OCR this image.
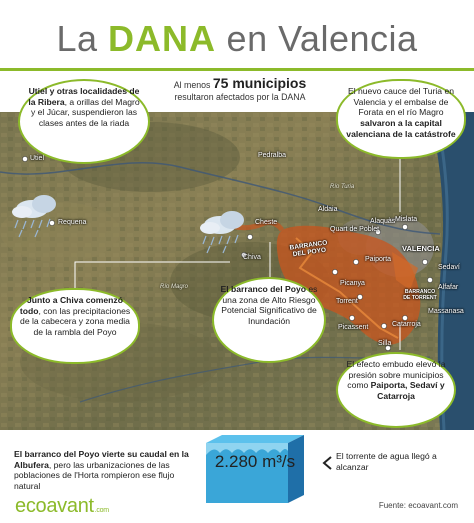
La DANA en Valencia
Al menos 75 municipios
resultaron afectados por la DANA
Pedralba
Utiel
Requena	Cheste
Chiva
Aldaia
Alaquàs
Quart de Poblet
Mislata
Paiporta
VALENCIA
Picanya
Sedaví
Alfafar
Torrent
Massanasa
Catarroja
Picassent
Silla
BARRANCO DEL POYO
BARRANCO DE TORRENT
Río Magro
Río Turia
Utiel y otras localidades de la Ribera, a orillas del Magro y el Júcar, suspendieron las clases antes de la riada
El nuevo cauce del Turia en Valencia y el embalse de Forata en el río Magro salvaron a la capital valenciana de la catástrofe
Junto a Chiva comenzó todo, con las precipitaciones de la cabecera y zona media de la rambla del Poyo
El barranco del Poyo es una zona de Alto Riesgo Potencial Significativo de Inundación
El efecto embudo elevó la presión sobre municipios como Paiporta, Sedaví y Catarroja
El barranco del Poyo vierte su caudal en la Albufera, pero las urbanizaciones de las poblaciones de l'Horta rompieron ese flujo natural
2.280 m³/s	El torrente de agua llegó a alcanzar
ecoavant.com
Fuente: ecoavant.com
